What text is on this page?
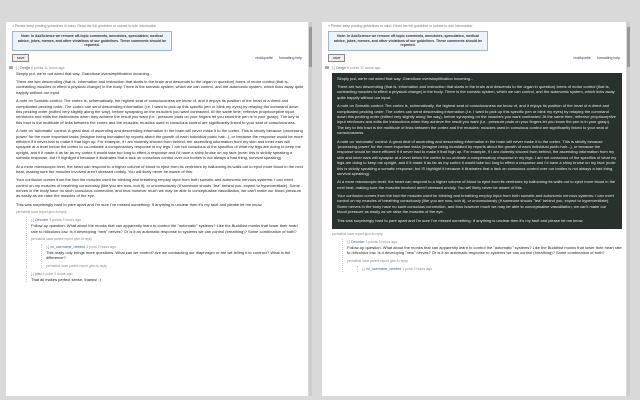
» Please keep posting guidelines in mind. Read the full guideline or submit to rule information
Note: In AskScience we remove off-topic comments, anecdotes, speculation, medical advice, jokes, memes, and other violations of our guidelines. These comments should be reported.
save	reddiquette formatting help
[-] Deejje 6 points 11 hours ago

Simply put, we're not wired that way. Grandiose oversimplification incoming...

There are two descending (that is, information and instruction that starts in the brain and descends to the organ in question) forms of motor control (that is, contracting muscles to effect a physical change) in the body. There is the somatic system, which we can control, and the autonomic system, which ticks away quite happily without our input.

A note on Somatic control: The cortex is, schematically, the highest seat of consciousness we know of, and it enjoys its position of the head of a direct and complicated pecking order. The cortex can send descending information (i.e. I want to pick up this specific pen or blink my eyes) by relaying the command down this pecking order (edited very slightly along the way), before synapsing on the muscle/s you want contracted. At the same time, reflexive proprioceptive input reinforces and edits the instructions when they achieve the result you want (i.e., pressure pads on your fingers let you know the pen is in your grasp). The key to this tract is the multitude of links between the cortex and the muscles: muscles used in conscious control are significantly linked to your seat of consciousness.

A note on 'automatic' control: A great deal of ascending and descending information in the brain will never make it to the cortex. This is strictly because 'processing power' for the more important tasks (imagine being inundated by reports about the growth of each individual pubic hair...), or because the response would be more efficient if it never had to make it that high up. For example, if I am violently shoved from behind, the ascending information from my skin and inner ears will synapse at a level below the cortex to co-ordinate a compensatory response in my legs. I am not conscious of the specifics of what my legs are doing to keep me upright, and if it made it as far as my cortex it would take too long to effect a response and I'd have a shiny bruise on my face (note: this is strictly speaking a somatic response, but I'll highlight it because it illustrates that a lack on conscious control over our bodies is not always a bad thing, survival speaking).

At a more microscopic level, the heart can respond to a higher volume of blood to eject from its ventricles by ballooning its walls out to eject more blood in the next beat, making sure the muscles involved aren't stressed unduly. You will likely never be aware of this.

Your confusion comes from the fact the muscles used for blinking and breathing employ input from both somatic and autonomic nervous systems: I can exert control on my muscles of breathing consciously (like you are now, ooh it), or unconsciously (if someone shouts "tea" behind you, expect to hyperventilate). Some nerves in the body have no such conscious connection, and thus however much we may be able to conceptualise vasodilation, we can't make our blood pressure as easily as we raise the muscles of the eye.

This was surprisingly hard to pare apart and I'm sure I've missed something. If anything is unclear then it's my fault and please let me know.

permalink save report give-fu reply
[-] Decoder 3 points 3 hours ago

Follow-up question: What about the monks that can apparently learn to control the "automatic" systems? Like the Buddhist monks that lower their heart rate to ridiculous low. Is it developing "new" nerves? Or is it an automatic response to systems we can control (breathing)? Some combination of both?

permalink save parent report give-fu reply
[-] no_username_needed 1 point 2 hours ago

This really only brings more questions. What can we control? Are we contracting our diaphragm or are we telling it to contract? What is the difference?

permalink save parent report give-fu reply
[-] pdsl 1 point 3 hours ago

That all makes perfect sense, thanks! :)

» Please keep posting guidelines in mind. Read the full guideline or submit to rule information
Note: In AskScience we remove off-topic comments, anecdotes, speculation, medical advice, jokes, memes, and other violations of our guidelines. These comments should be reported.
save	reddiquette formatting help
[-] Deejje 6 points 11 hours ago

Simply put, we're not wired that way. Grandiose oversimplification incoming...

There are two descending (that is, information and instruction that starts in the brain and descends to the organ in question) forms of motor control (that is, contracting muscles to effect a physical change) in the body. There is the somatic system, which we can control, and the autonomic system, which ticks away quite happily without our input.

A note on Somatic control: The cortex is, schematically, the highest seat of consciousness we know of, and it enjoys its position of the head of a direct and complicated pecking order. The cortex can send descending information (i.e. I want to pick up this specific pen or blink my eyes) by relaying the command down this pecking order (edited very slightly along the way), before synapsing on the muscle/s you want contracted. At the same time, reflexive proprioceptive input reinforces and edits the instructions when they achieve the result you want (i.e., pressure pads on your fingers let you know the pen is in your grasp). The key to this tract is the multitude of links between the cortex and the muscles: muscles used in conscious control are significantly linked to your seat of consciousness.

A note on 'automatic' control: A great deal of ascending and descending information in the brain will never make it to the cortex. This is strictly because 'processing power' for the more important tasks (imagine being inundated by reports about the growth of each individual pubic hair...), or because the response would be more efficient if it never had to make it that high up. For example, if I am violently shoved from behind, the ascending information from my skin and inner ears will synapse at a level below the cortex to co-ordinate a compensatory response in my legs. I am not conscious of the specifics of what my legs are doing to keep me upright, and if it made it as far as my cortex it would take too long to effect a response and I'd have a shiny bruise on my face (note: this is strictly speaking a somatic response, but I'll highlight it because it illustrates that a lack on conscious control over our bodies is not always a bad thing, survival speaking).

At a more microscopic level, the heart can respond to a higher volume of blood to eject from its ventricles by ballooning its walls out to eject more blood in the next beat, making sure the muscles involved aren't stressed unduly. You will likely never be aware of this.

Your confusion comes from the fact the muscles used for blinking and breathing employ input from both somatic and autonomic nervous systems: I can exert control on my muscles of breathing consciously (like you are now, ooh it), or unconsciously (if someone shouts "tea" behind you, expect to hyperventilate). Some nerves in the body have no such conscious connection, and thus however much we may be able to conceptualise vasodilation, we can't make our blood pressure as easily as we raise the muscles of the eye.

This was surprisingly hard to pare apart and I'm sure I've missed something. If anything is unclear then it's my fault and please let me know.

permalink save report give-fu reply
[-] Decoder 3 points 3 hours ago

Follow-up question: What about the monks that can apparently learn to control the "automatic" systems? Like the Buddhist monks that lower their heart rate to ridiculous low. Is it developing "new" nerves? Or is it an automatic response to systems we can control (breathing)? Some combination of both?

permalink save parent report give-fu reply
[-] no_username_needed 1 point 2 hours ago
